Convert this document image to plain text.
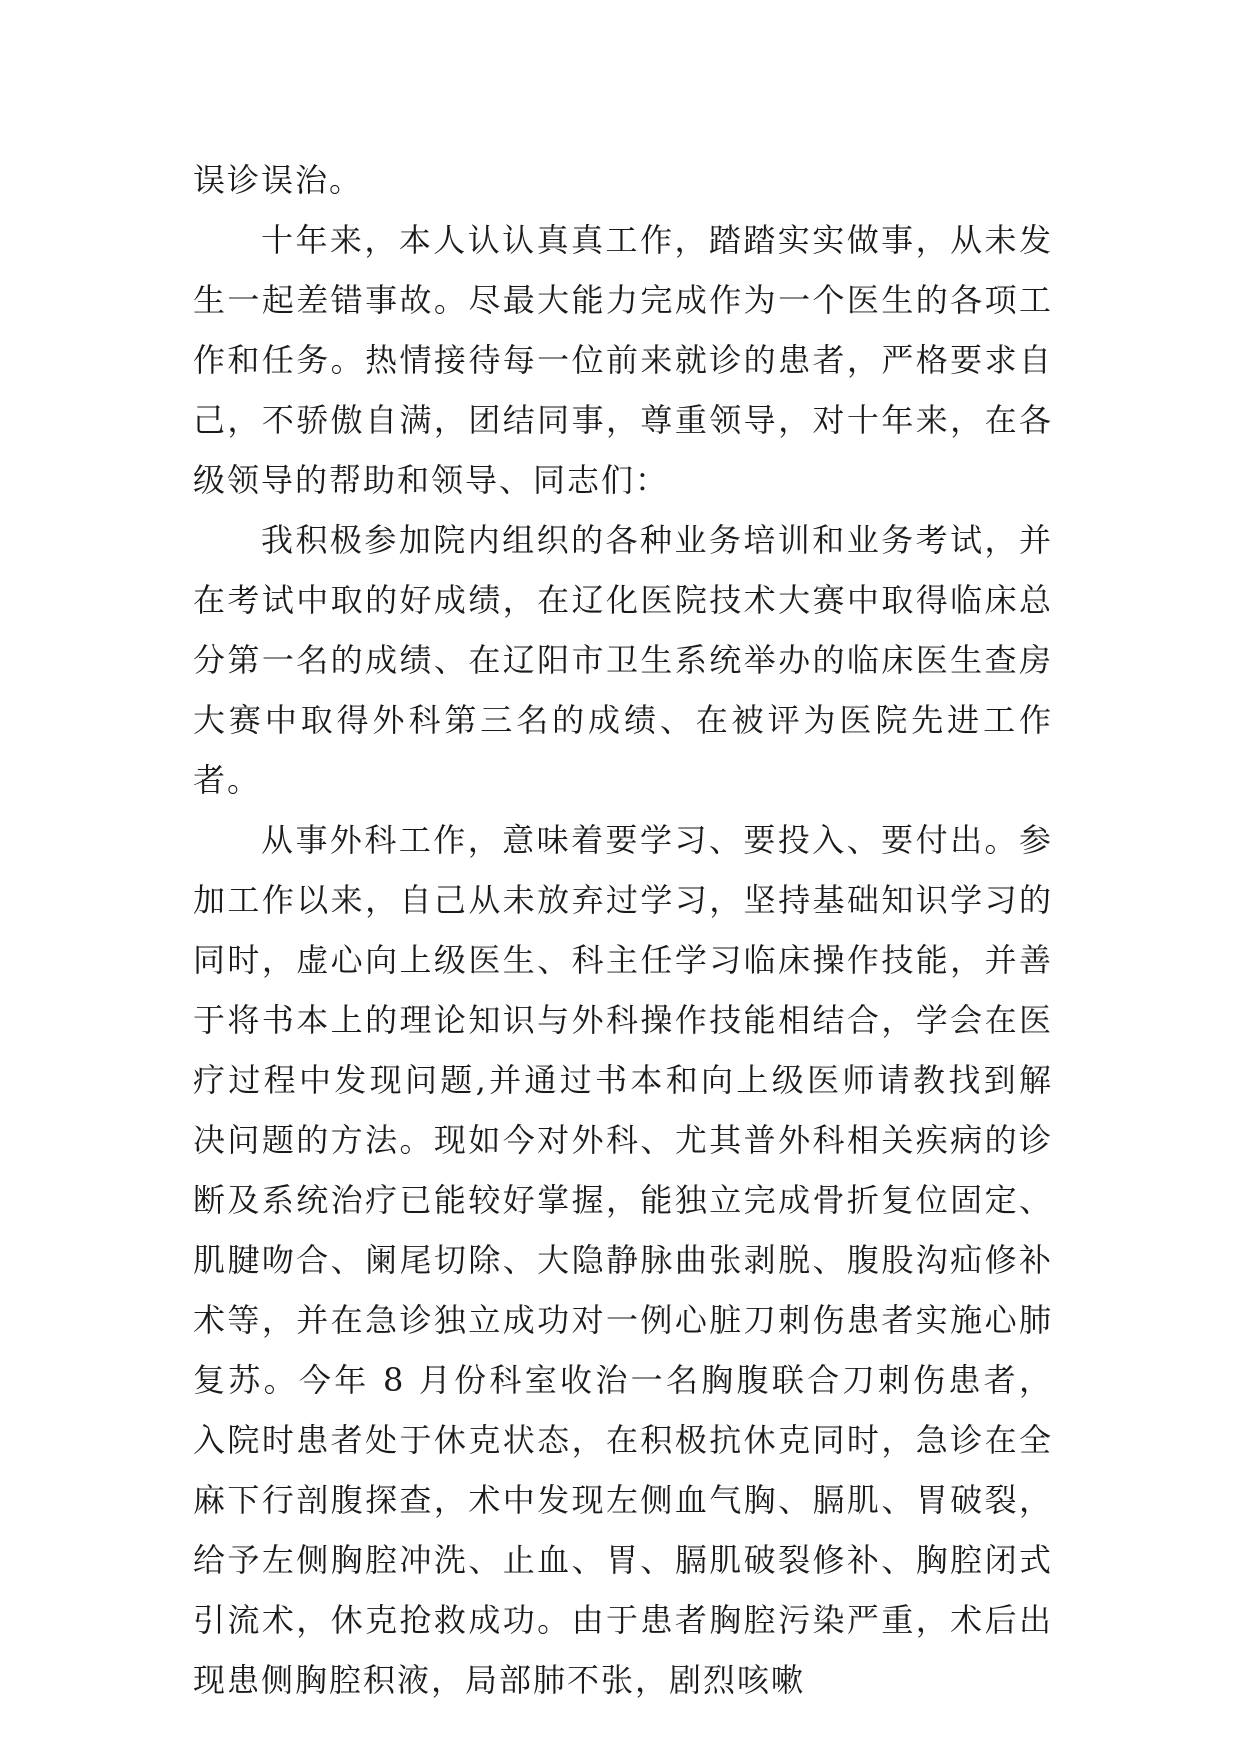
误诊误治。

十年来，本人认认真真工作，踏踏实实做事，从未发生一起差错事故。尽最大能力完成作为一个医生的各项工作和任务。热情接待每一位前来就诊的患者，严格要求自己，不骄傲自满，团结同事，尊重领导，对十年来，在各级领导的帮助和领导、同志们：

我积极参加院内组织的各种业务培训和业务考试，并在考试中取的好成绩，在辽化医院技术大赛中取得临床总分第一名的成绩、在辽阳市卫生系统举办的临床医生查房大赛中取得外科第三名的成绩、在被评为医院先进工作者。

从事外科工作，意味着要学习、要投入、要付出。参加工作以来，自己从未放弃过学习，坚持基础知识学习的同时，虚心向上级医生、科主任学习临床操作技能，并善于将书本上的理论知识与外科操作技能相结合，学会在医疗过程中发现问题,并通过书本和向上级医师请教找到解决问题的方法。现如今对外科、尤其普外科相关疾病的诊断及系统治疗已能较好掌握，能独立完成骨折复位固定、肌腱吻合、阑尾切除、大隐静脉曲张剥脱、腹股沟疝修补术等，并在急诊独立成功对一例心脏刀刺伤患者实施心肺复苏。今年 8 月份科室收治一名胸腹联合刀刺伤患者，入院时患者处于休克状态，在积极抗休克同时，急诊在全麻下行剖腹探查，术中发现左侧血气胸、膈肌、胃破裂，给予左侧胸腔冲洗、止血、胃、膈肌破裂修补、胸腔闭式引流术，休克抢救成功。由于患者胸腔污染严重，术后出现患侧胸腔积液，局部肺不张，剧烈咳嗽
